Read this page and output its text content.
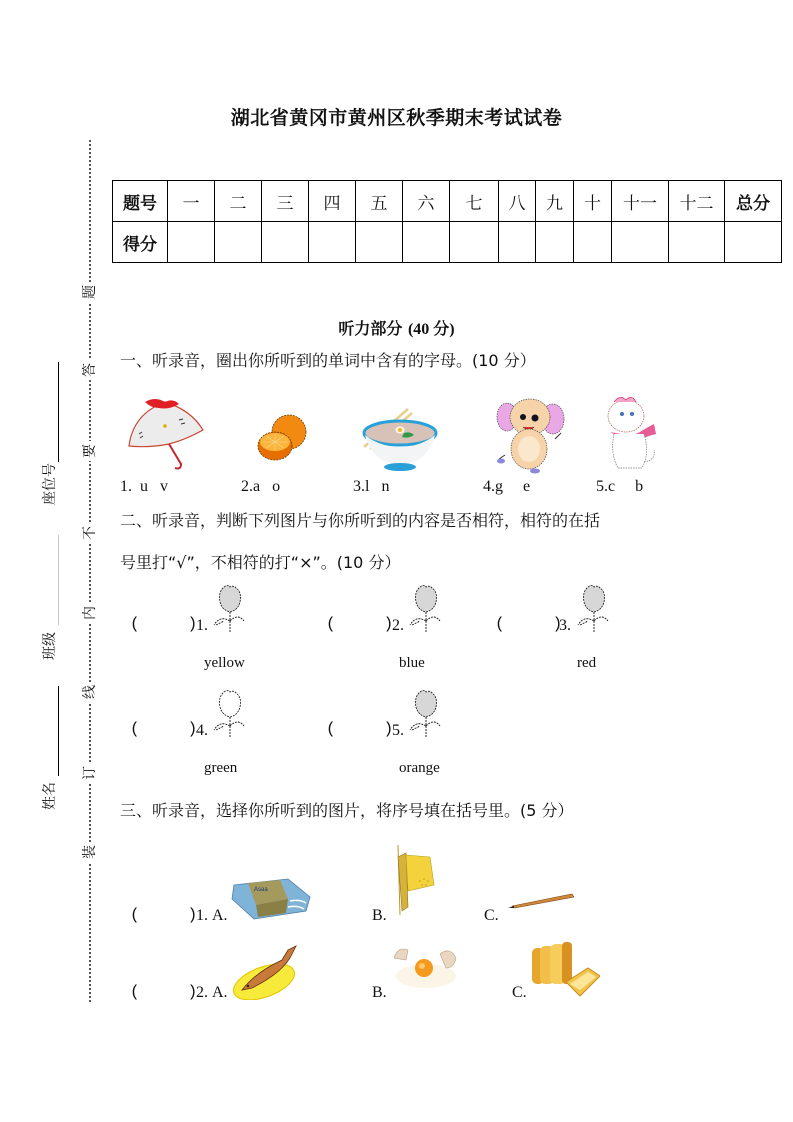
题
答
要
不
内
线
订
装
座位号
班级
姓名
湖北省黄冈市黄州区秋季期末考试试卷
题号	一	二	三	四	五	六	七	八	九	十	十一	十二	总分
得分													
听力部分 (40 分)
一、听录音，圈出你所听到的单词中含有的字母。(10 分）
1.  u   v	2.a   o	3.l   n	4.g     e	5.c     b
二、听录音，判断下列图片与你所听到的内容是否相符，相符的在括
号里打“√”，不相符的打“×”。(10 分）
(     )
1.
yellow
(     )
2.
blue
(     )
3.
red
(     )
4.
green
(     )
5.
orange
三、听录音，选择你所听到的图片，将序号填在括号里。(5 分）
(     )
1. A.
Asaa
B.	C.
(     )
2. A.	B.	C.
